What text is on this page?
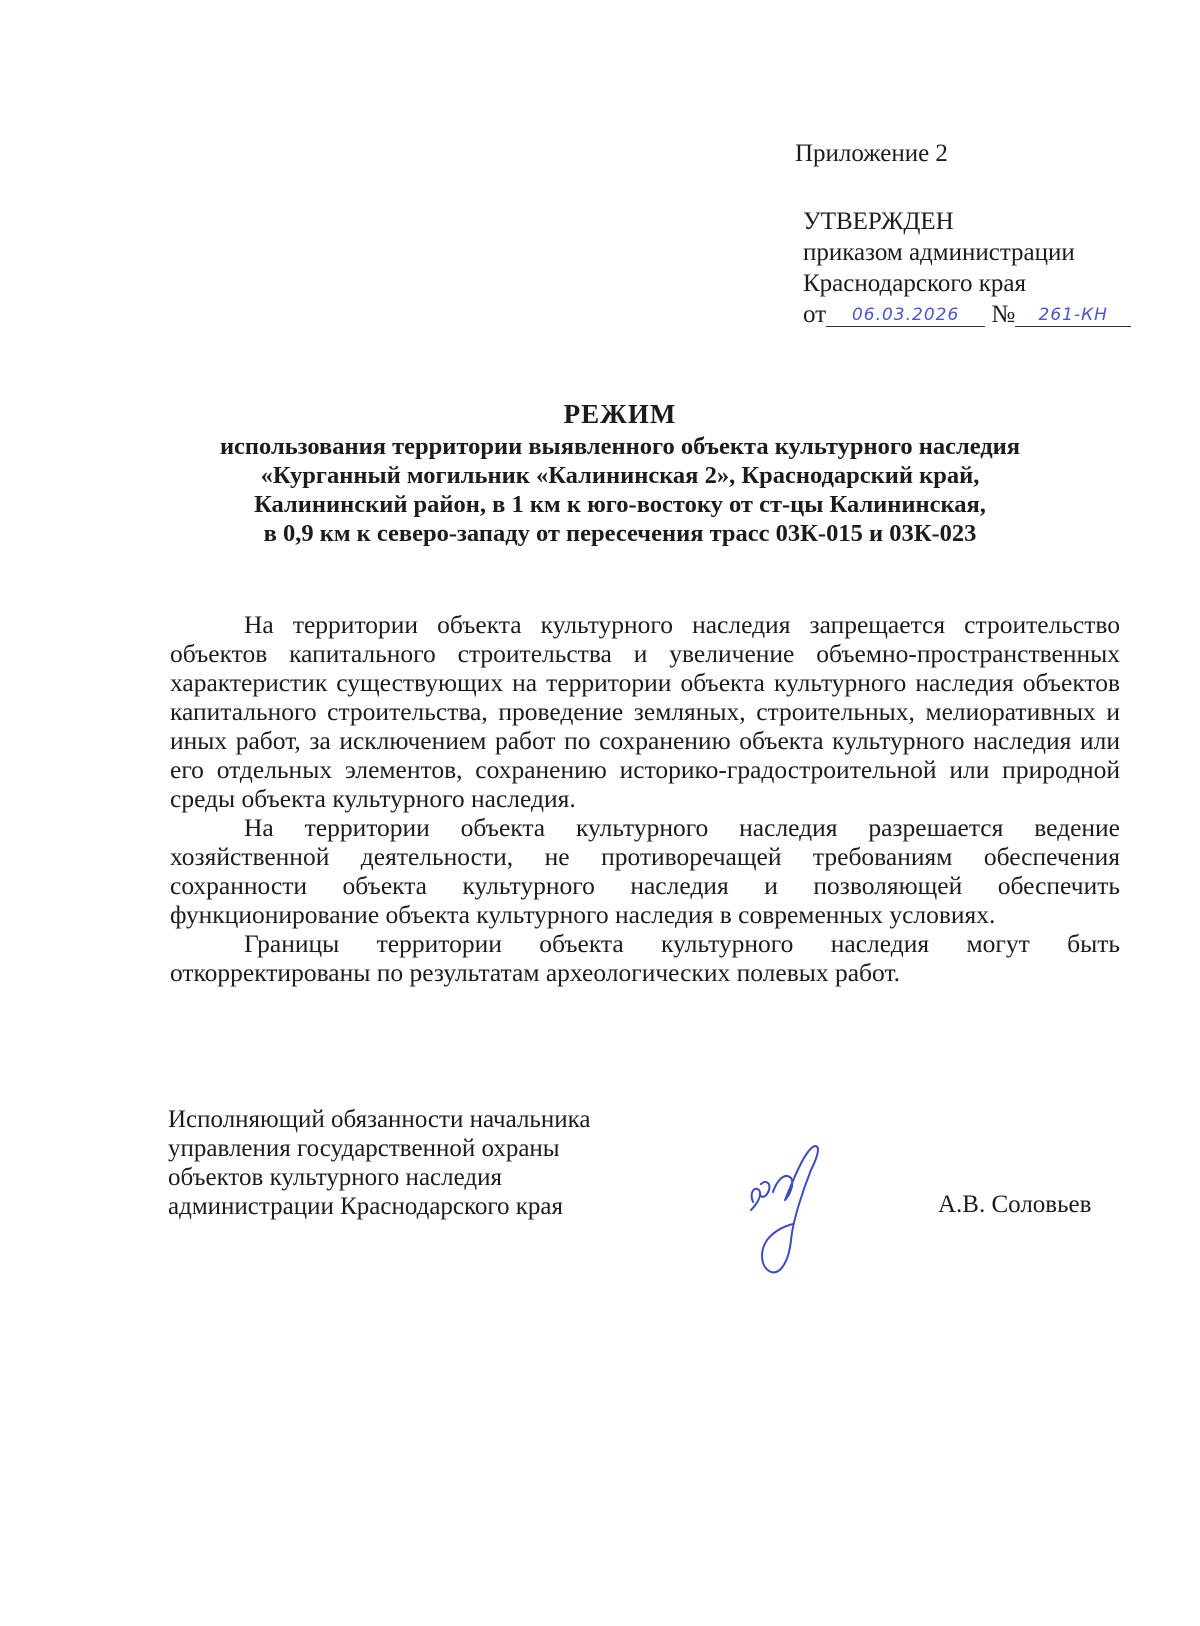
Приложение 2
УТВЕРЖДЕН
приказом администрации
Краснодарского края
от 06.03.2026 № 261-КН
РЕЖИМ
использования территории выявленного объекта культурного наследия
«Курганный могильник «Калининская 2», Краснодарский край,
Калининский район, в 1 км к юго-востоку от ст-цы Калининская,
в 0,9 км к северо-западу от пересечения трасс 03К-015 и 03К-023

На территории объекта культурного наследия запрещается строительство объектов капитального строительства и увеличение объемно-пространственных характеристик существующих на территории объекта культурного наследия объектов капитального строительства, проведение земляных, строительных, мелиоративных и иных работ, за исключением работ по сохранению объекта культурного наследия или его отдельных элементов, сохранению историко-градостроительной или природной среды объекта культурного наследия.

На территории объекта культурного наследия разрешается ведение хозяйственной деятельности, не противоречащей требованиям обеспечения сохранности объекта культурного наследия и позволяющей обеспечить функционирование объекта культурного наследия в современных условиях.

Границы территории объекта культурного наследия могут быть откорректированы по результатам археологических полевых работ.

Исполняющий обязанности начальника
управления государственной охраны
объектов культурного наследия
администрации Краснодарского края	А.В. Соловьев
